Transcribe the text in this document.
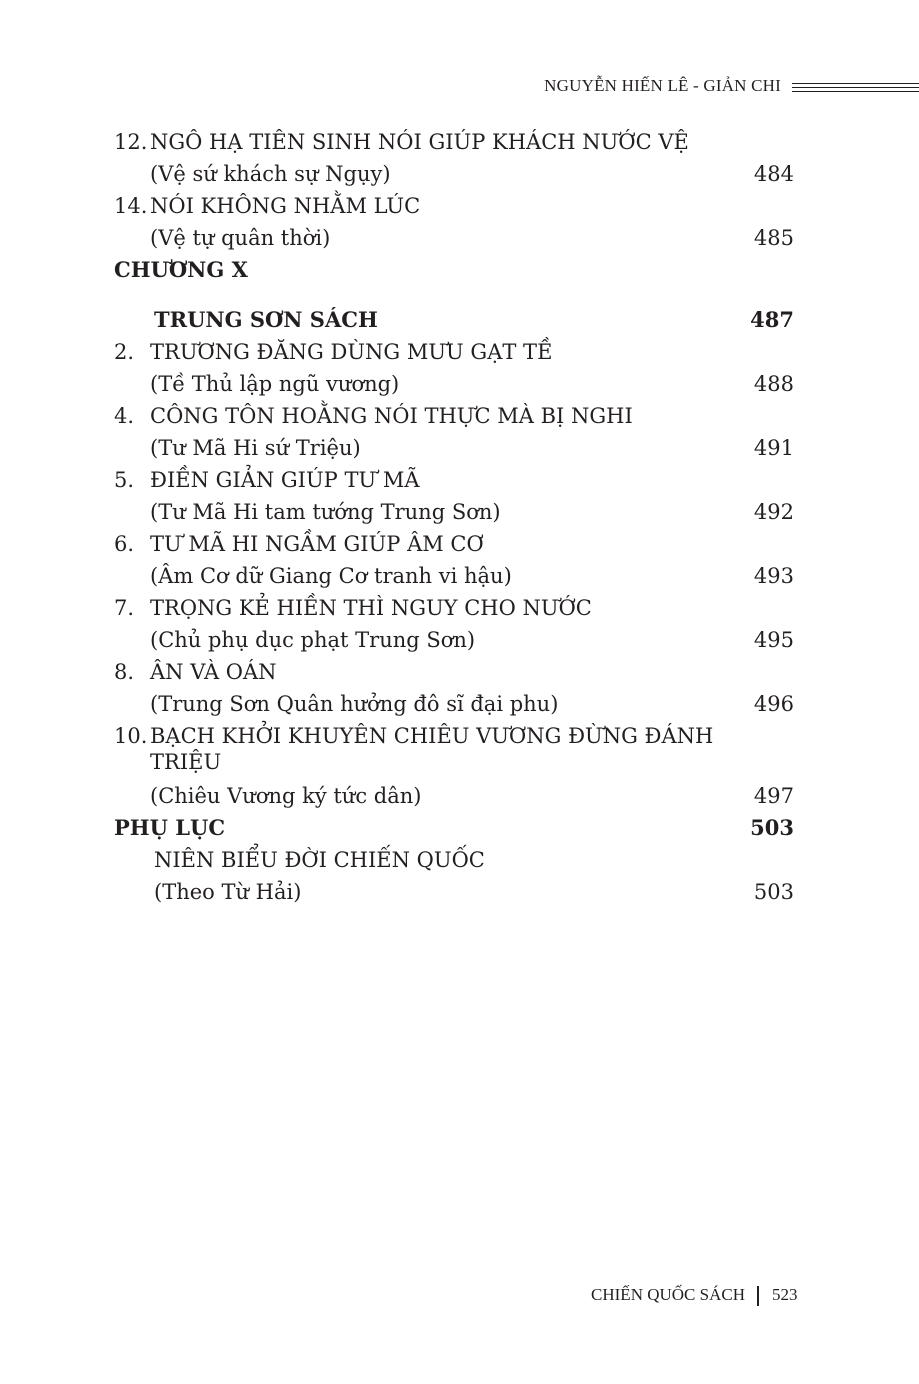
NGUYỄN HIẾN LÊ - GIẢN CHI
12. NGÔ HẠ TIÊN SINH NÓI GIÚP KHÁCH NƯỚC VỆ
(Vệ sứ khách sự Ngụy)	484
14. NÓI KHÔNG NHẰM LÚC
(Vệ tự quân thời)	485
CHƯƠNG X
TRUNG SƠN SÁCH	487
2. TRƯƠNG ĐĂNG DÙNG MƯU GẠT TỀ
(Tề Thủ lập ngũ vương)	488
4. CÔNG TÔN HOẰNG NÓI THỰC MÀ BỊ NGHI
(Tư Mã Hi sứ Triệu)	491
5. ĐIỀN GIẢN GIÚP TƯ MÃ
(Tư Mã Hi tam tướng Trung Sơn)	492
6. TƯ MÃ HI NGẦM GIÚP ÂM CƠ
(Âm Cơ dữ Giang Cơ tranh vi hậu)	493
7. TRỌNG KẺ HIỀN THÌ NGUY CHO NƯỚC
(Chủ phụ dục phạt Trung Sơn)	495
8. ÂN VÀ OÁN
(Trung Sơn Quân hưởng đô sĩ đại phu)	496
10. BẠCH KHỞI KHUYÊN CHIÊU VƯƠNG ĐỪNG ĐÁNH TRIỆU
(Chiêu Vương ký tức dân)	497
PHỤ LỤC	503
NIÊN BIỂU ĐỜI CHIẾN QUỐC
(Theo Từ Hải)	503
CHIẾN QUỐC SÁCH 523
